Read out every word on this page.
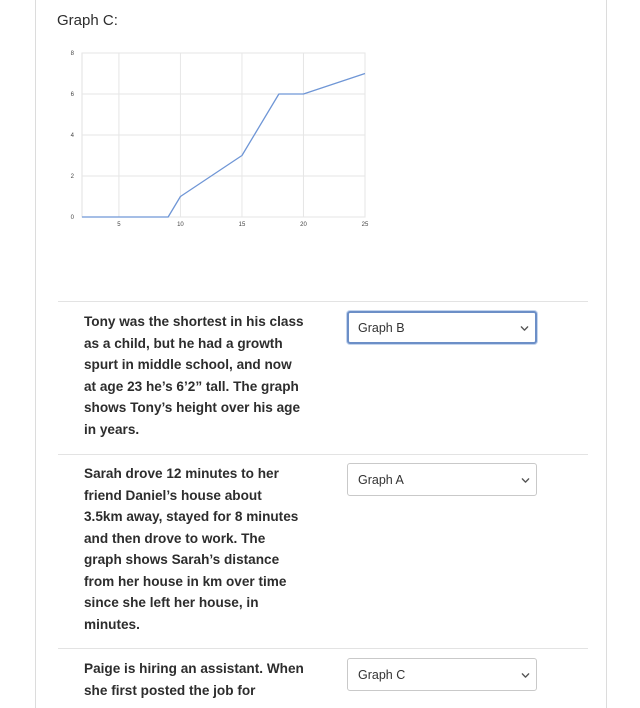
Graph C:
0
2
4
6
8
5	10	15	20	25
Tony was the shortest in his class as a child, but he had a growth spurt in middle school, and now at age 23 he’s 6’2” tall. The graph shows Tony’s height over his age in years.
Graph B
Sarah drove 12 minutes to her friend Daniel’s house about 3.5km away, stayed for 8 minutes and then drove to work. The graph shows Sarah’s distance from her house in km over time since she left her house, in minutes.
Graph A
Paige is hiring an assistant. When she first posted the job for
Graph C
